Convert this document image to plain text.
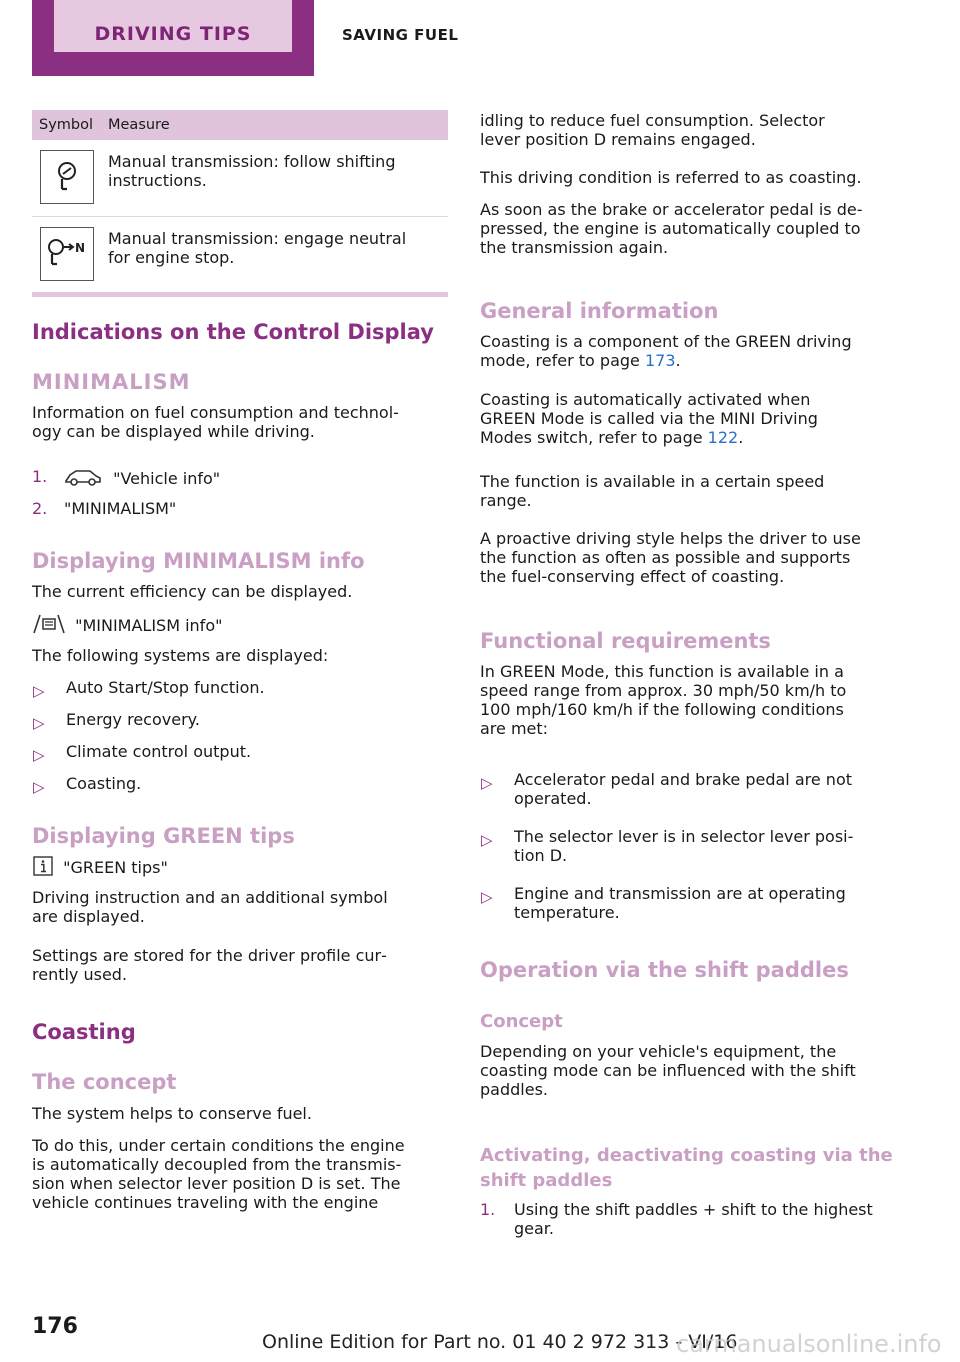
DRIVING TIPS	SAVING FUEL
Symbol Measure

Manual transmission: follow shifting

instructions.

N Manual transmission: engage neutral

for engine stop.

Indications on the Control Display
MINIMALISM

Information on fuel consumption and technol‐

ogy can be displayed while driving.

1.	"Vehicle info"
2. "MINIMALISM"
Displaying MINIMALISM info
The current efficiency can be displayed.
"MINIMALISM info"
The following systems are displayed:
▷ Auto Start/Stop function.
▷ Energy recovery.
▷ Climate control output.
▷ Coasting.
Displaying GREEN tips
"GREEN tips"

Driving instruction and an additional symbol

are displayed.

Settings are stored for the driver profile cur‐

rently used.

Coasting
The concept
The system helps to conserve fuel.

To do this, under certain conditions the engine

is automatically decoupled from the transmis‐

sion when selector lever position D is set. The

vehicle continues traveling with the engine

idling to reduce fuel consumption. Selector

lever position D remains engaged.

This driving condition is referred to as coasting.

As soon as the brake or accelerator pedal is de‐

pressed, the engine is automatically coupled to

the transmission again.

General information

Coasting is a component of the GREEN driving

mode, refer to page 173.

Coasting is automatically activated when

GREEN Mode is called via the MINI Driving

Modes switch, refer to page 122.

The function is available in a certain speed

range.

A proactive driving style helps the driver to use

the function as often as possible and supports

the fuel-conserving effect of coasting.

Functional requirements

In GREEN Mode, this function is available in a

speed range from approx. 30 mph/50 km/h to

100 mph/160 km/h if the following conditions

are met:

▷ Accelerator pedal and brake pedal are not

operated.

▷ The selector lever is in selector lever posi‐

tion D.

▷ Engine and transmission are at operating

temperature.

Operation via the shift paddles
Concept

Depending on your vehicle's equipment, the

coasting mode can be influenced with the shift

paddles.

Activating, deactivating coasting via the
shift paddles
1. Using the shift paddles + shift to the highest

gear.

176
Online Edition for Part no. 01 40 2 972 313 - VI/16
carmanualsonline.info
